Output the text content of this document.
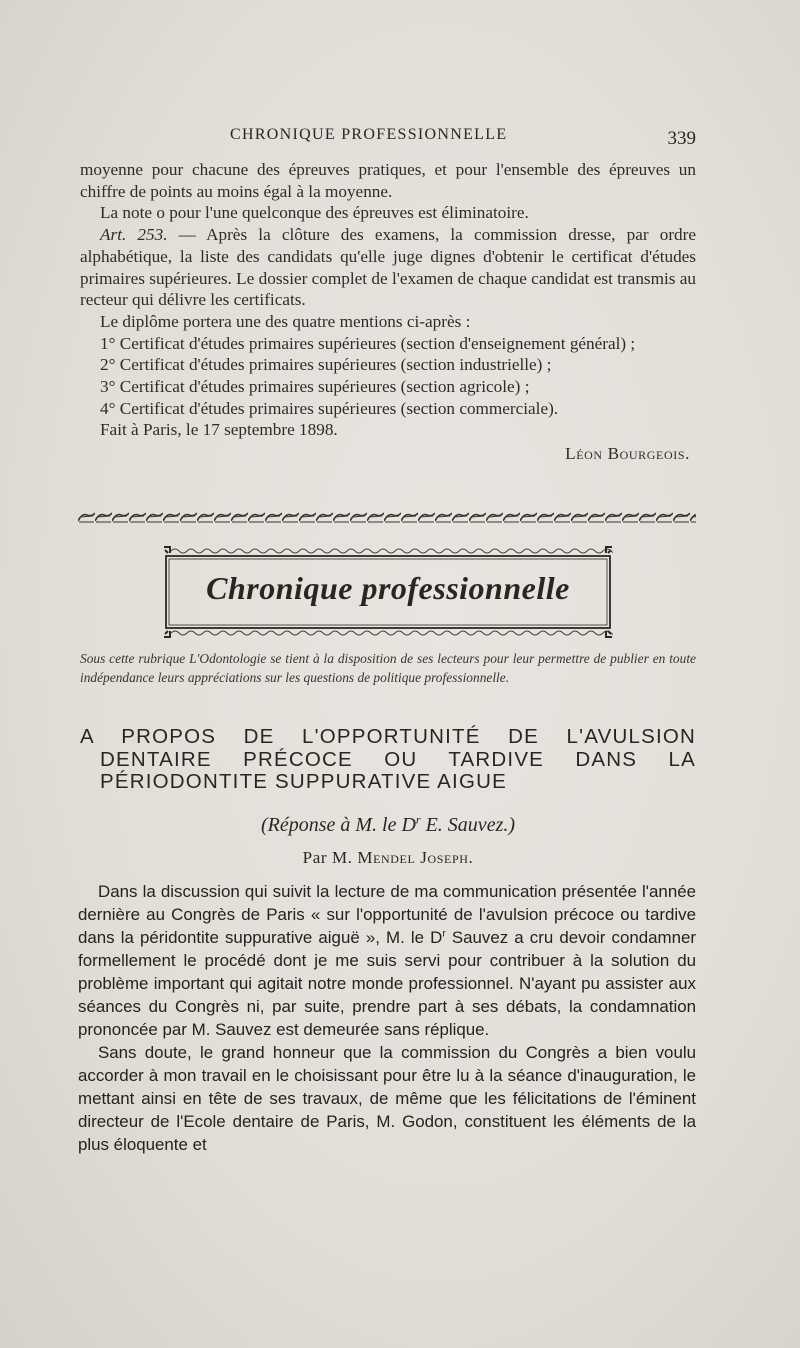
CHRONIQUE PROFESSIONNELLE	339

moyenne pour chacune des épreuves pratiques, et pour l'ensemble des épreuves un chiffre de points au moins égal à la moyenne.

La note o pour l'une quelconque des épreuves est éliminatoire.

Art. 253. — Après la clôture des examens, la commission dresse, par ordre alphabétique, la liste des candidats qu'elle juge dignes d'obtenir le certificat d'études primaires supérieures. Le dossier complet de l'examen de chaque candidat est transmis au recteur qui délivre les certificats.

Le diplôme portera une des quatre mentions ci-après :

1° Certificat d'études primaires supérieures (section d'enseignement général) ;

2° Certificat d'études primaires supérieures (section industrielle) ;

3° Certificat d'études primaires supérieures (section agricole) ;

4° Certificat d'études primaires supérieures (section commerciale).

Fait à Paris, le 17 septembre 1898.

Léon Bourgeois.

Chronique professionnelle

Sous cette rubrique L'Odontologie se tient à la disposition de ses lecteurs pour leur permettre de publier en toute indépendance leurs appréciations sur les questions de politique professionnelle.

A PROPOS DE L'OPPORTUNITÉ DE L'AVULSION
DENTAIRE PRÉCOCE OU TARDIVE DANS LA
PÉRIODONTITE SUPPURATIVE AIGUE
(Réponse à M. le $D^r$ E. Sauvez.)
Par M. Mendel Joseph.

Dans la discussion qui suivit la lecture de ma communication présentée l'année dernière au Congrès de Paris « sur l'opportunité de l'avulsion précoce ou tardive dans la péridontite suppurative aiguë », M. le $D^r$ Sauvez a cru devoir condamner formellement le procédé dont je me suis servi pour contribuer à la solution du problème important qui agitait notre monde professionnel. N'ayant pu assister aux séances du Congrès ni, par suite, prendre part à ses débats, la condamnation prononcée par M. Sauvez est demeurée sans réplique.

Sans doute, le grand honneur que la commission du Congrès a bien voulu accorder à mon travail en le choisissant pour être lu à la séance d'inauguration, le mettant ainsi en tête de ses travaux, de même que les félicitations de l'éminent directeur de l'Ecole dentaire de Paris, M. Godon, constituent les éléments de la plus éloquente et
